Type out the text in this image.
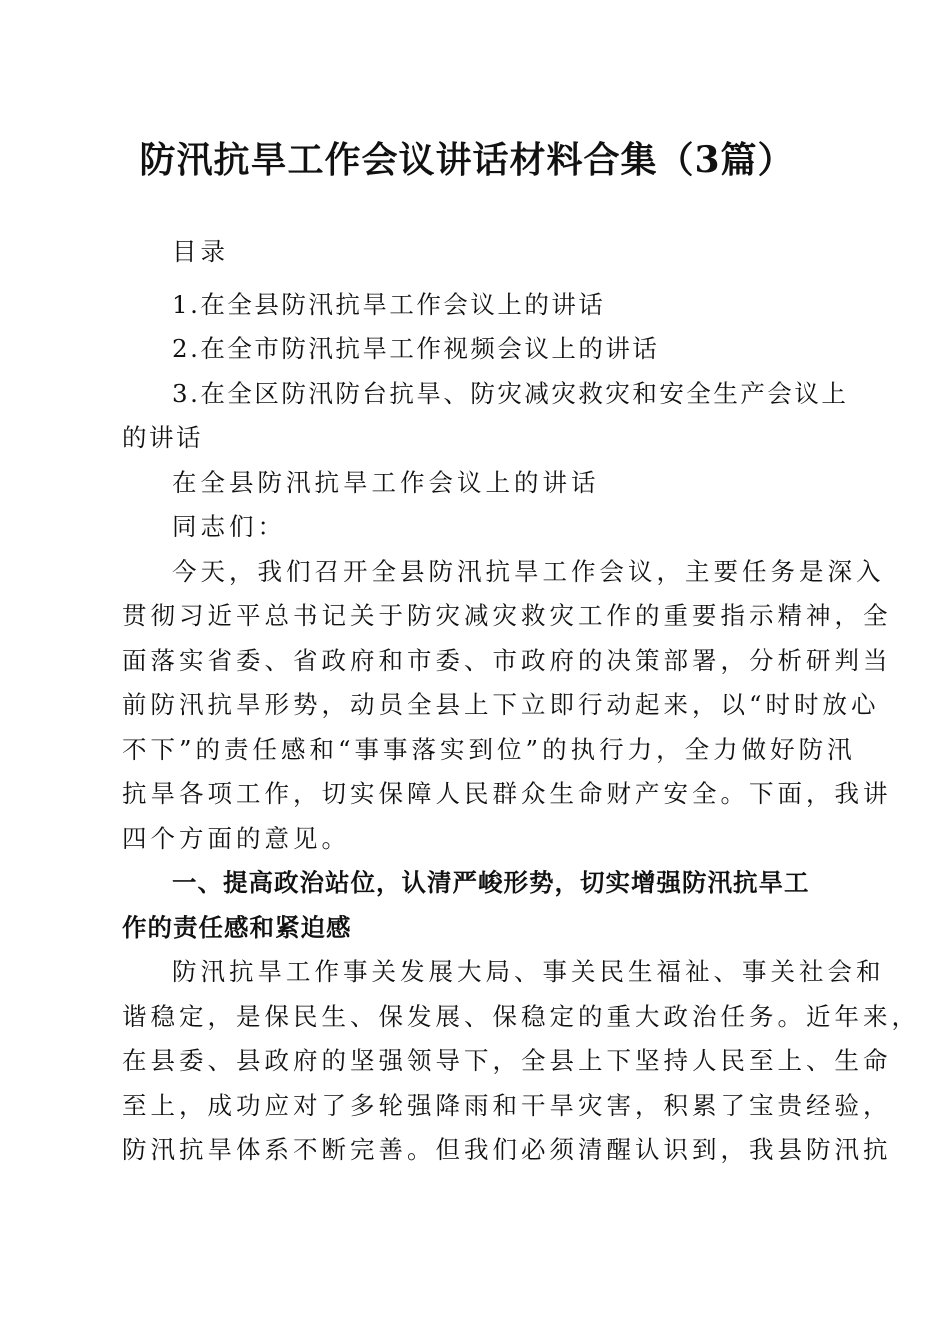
防汛抗旱工作会议讲话材料合集（3篇）
目录
1.在全县防汛抗旱工作会议上的讲话
2.在全市防汛抗旱工作视频会议上的讲话
3.在全区防汛防台抗旱、防灾减灾救灾和安全生产会议上
的讲话
在全县防汛抗旱工作会议上的讲话
同志们：
今天，我们召开全县防汛抗旱工作会议，主要任务是深入
贯彻习近平总书记关于防灾减灾救灾工作的重要指示精神，全
面落实省委、省政府和市委、市政府的决策部署，分析研判当
前防汛抗旱形势，动员全县上下立即行动起来，以“时时放心
不下”的责任感和“事事落实到位”的执行力，全力做好防汛
抗旱各项工作，切实保障人民群众生命财产安全。下面，我讲
四个方面的意见。
一、提高政治站位，认清严峻形势，切实增强防汛抗旱工
作的责任感和紧迫感
防汛抗旱工作事关发展大局、事关民生福祉、事关社会和
谐稳定，是保民生、保发展、保稳定的重大政治任务。近年来，
在县委、县政府的坚强领导下，全县上下坚持人民至上、生命
至上，成功应对了多轮强降雨和干旱灾害，积累了宝贵经验，
防汛抗旱体系不断完善。但我们必须清醒认识到，我县防汛抗
